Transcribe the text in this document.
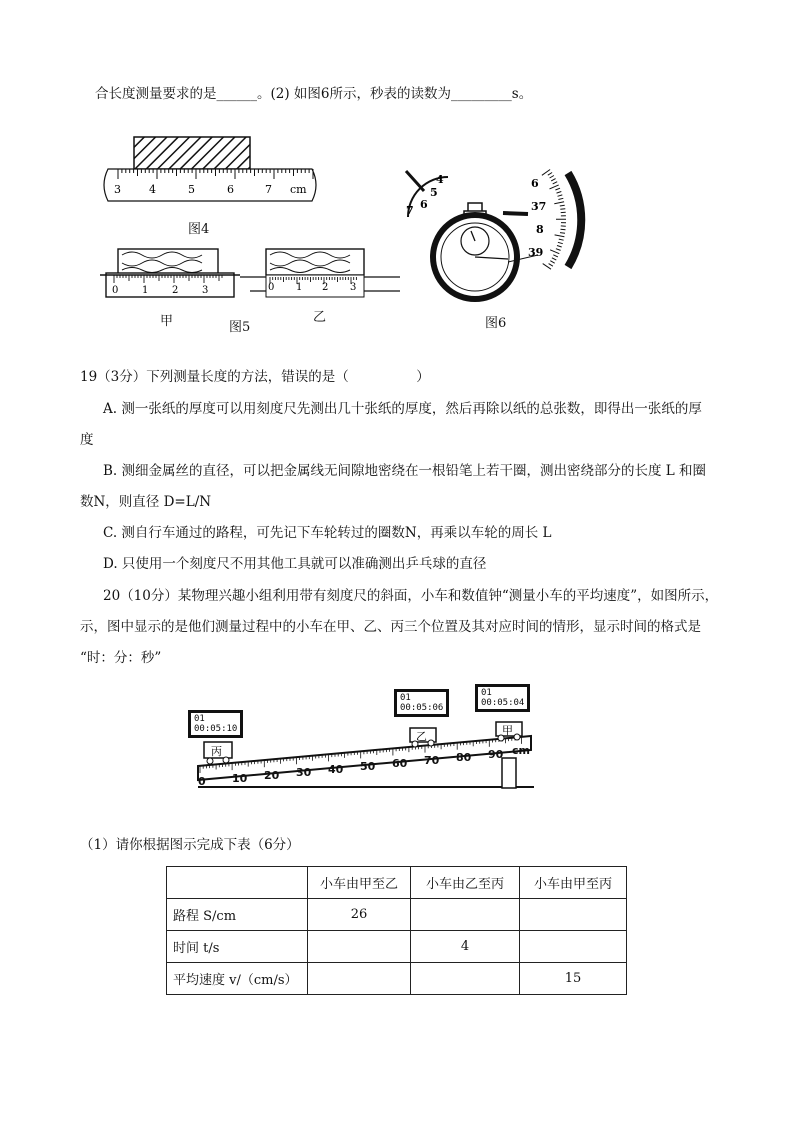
合长度测量要求的是______。(2) 如图6所示，秒表的读数为_________s。
3	4	5	6	7 cm
图4
0 1 2 3	0 1 2 3
甲	图5
乙
4
5
6
7
6
37
8
39
图6
19（3分）下列测量长度的方法，错误的是（　　　　　）
A. 测一张纸的厚度可以用刻度尺先测出几十张纸的厚度，然后再除以纸的总张数，即得出一张纸的厚
度
B. 测细金属丝的直径，可以把金属线无间隙地密绕在一根铅笔上若干圈，测出密绕部分的长度 L 和圈
数N，则直径 D=L/N
C. 测自行车通过的路程，可先记下车轮转过的圈数N，再乘以车轮的周长 L
D. 只使用一个刻度尺不用其他工具就可以准确测出乒乓球的直径
20（10分）某物理兴趣小组利用带有刻度尺的斜面，小车和数值钟“测量小车的平均速度”，如图所示，
示，图中显示的是他们测量过程中的小车在甲、乙、丙三个位置及其对应时间的情形，显示时间的格式是
“时：分：秒”
0 10 20 30 40 50 60 70 80 90 cm
丙
乙	甲
01
00:05:10
01
00:05:06
01
00:05:04
（1）请你根据图示完成下表（6分）
	小车由甲至乙	小车由乙至丙	小车由甲至丙
路程 S/cm	26		
时间 t/s		4	
平均速度 v/（cm/s）			15
